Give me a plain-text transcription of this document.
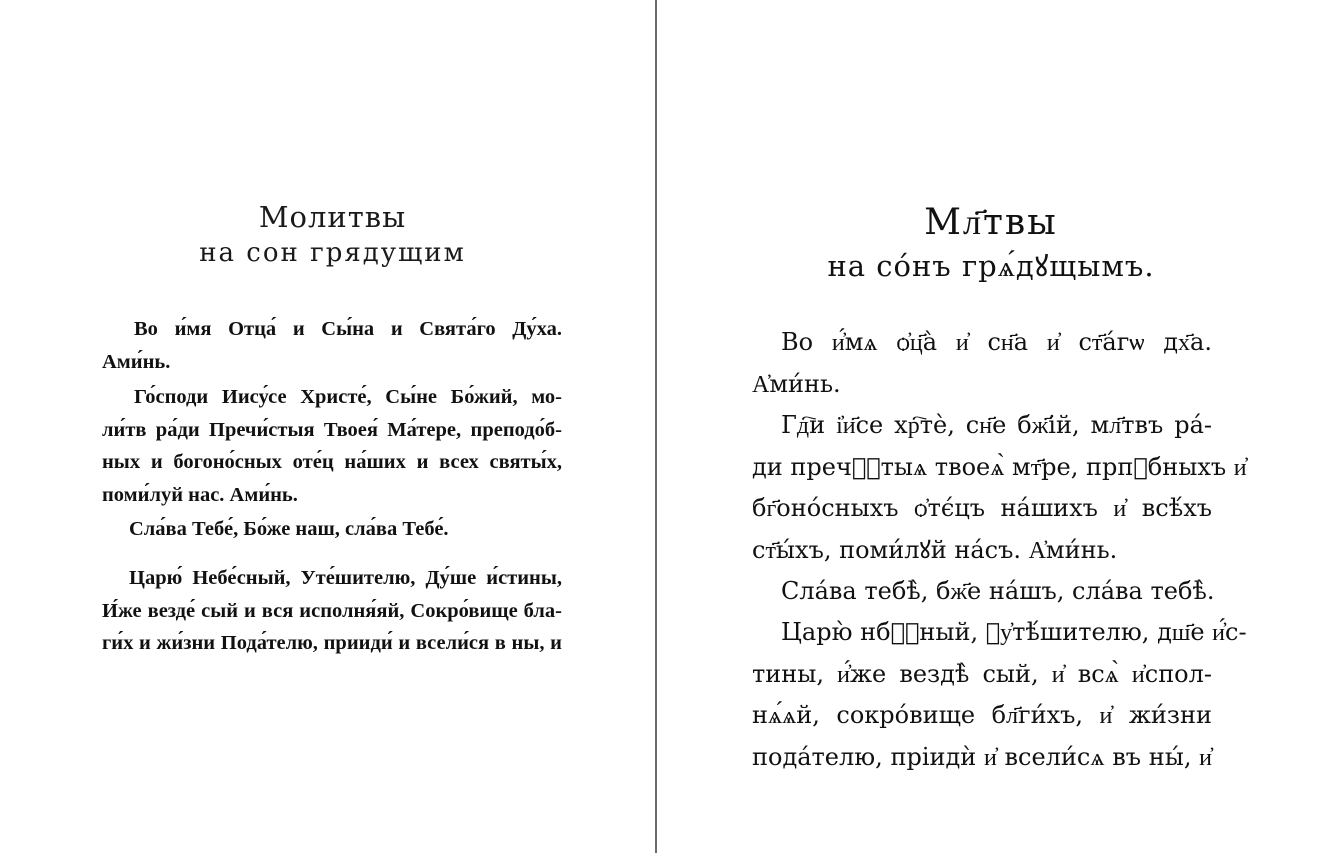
Молитвы
на сон грядущим
Во и́мя Отца́ и Сы́на и Свята́го Ду́ха.
Ами́нь.
Го́споди Иису́се Христе́, Сы́не Бо́жий, мо-
ли́тв ра́ди Пречи́стыя Твоея́ Ма́тере, преподо́б-
ных и богоно́сных оте́ц на́ших и всех святы́х,
поми́луй нас. Ами́нь.
Сла́ва Тебе́, Бо́же наш, сла́ва Тебе́.
Царю́ Небе́сный, Уте́шителю, Ду́ше и́стины,
И́же везде́ сый и вся исполня́яй, Сокро́вище бла-
ги́х и жи́зни Пода́телю, прииди́ и всели́ся в ны, и
Мл҃твы
на со́нъ грѧ́дꙋщымъ.
Во и҆́мѧ ѻ҆ц҃а̀ и҆ сн҃а и҆ ст҃а́гѡ дх҃а.
А҆ми́нь.
Гд҇и і҆и҃се хр҇тѐ, сн҃е бж҃ій, мл҃твъ ра́-
ди пречⷭ҇тыѧ твоеѧ̀ мт҃ре, прпⷣбныхъ и҆
бг҃оно́сныхъ ѻ҆тє́цъ на́шихъ и҆ всѣ́хъ
ст҃ы́хъ, поми́лꙋй на́съ. А҆ми́нь.
Сла́ва тебѣ̀, бж҃е на́шъ, сла́ва тебѣ̀.
Царю̀ нбⷭ҇ный, ᲂу҆тѣ́шителю, дш҃е и҆́с-
тины, и҆́же вездѣ̀ сый, и҆ всѧ̀ и҆спол-
нѧ́ѧй, сокро́вище бл҃ги́хъ, и҆ жи́зни
пода́телю, пріидѝ и҆ всели́сѧ въ ны́, и҆
